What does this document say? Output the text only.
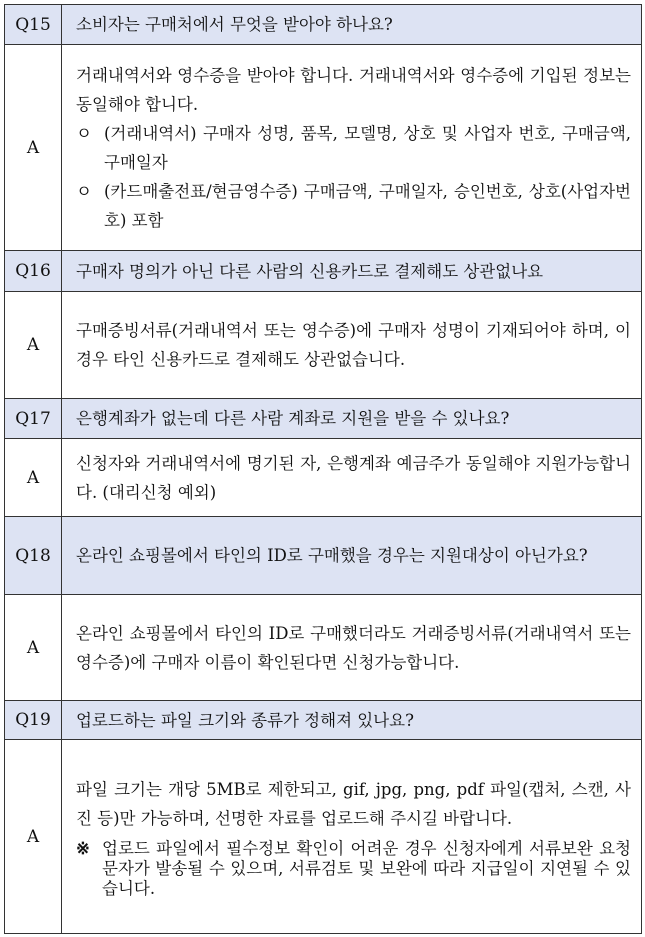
Q15	소비자는 구매처에서 무엇을 받아야 하나요?
A	거래내역서와 영수증을 받아야 합니다. 거래내역서와 영수증에 기입된 정보는 동일해야 합니다.
ㅇ (거래내역서) 구매자 성명, 품목, 모델명, 상호 및 사업자 번호, 구매금액, 구매일자
ㅇ (카드매출전표/현금영수증) 구매금액, 구매일자, 승인번호, 상호(사업자번호) 포함

Q16	구매자 명의가 아닌 다른 사람의 신용카드로 결제해도 상관없나요
A	구매증빙서류(거래내역서 또는 영수증)에 구매자 성명이 기재되어야 하며, 이 경우 타인 신용카드로 결제해도 상관없습니다.
Q17	은행계좌가 없는데 다른 사람 계좌로 지원을 받을 수 있나요?
A	신청자와 거래내역서에 명기된 자, 은행계좌 예금주가 동일해야 지원가능합니다. (대리신청 예외)
Q18	온라인 쇼핑몰에서 타인의 ID로 구매했을 경우는 지원대상이 아닌가요?
A	온라인 쇼핑몰에서 타인의 ID로 구매했더라도 거래증빙서류(거래내역서 또는 영수증)에 구매자 이름이 확인된다면 신청가능합니다.
Q19	업로드하는 파일 크기와 종류가 정해져 있나요?
A	파일 크기는 개당 5MB로 제한되고, gif, jpg, png, pdf 파일(캡처, 스캔, 사진 등)만 가능하며, 선명한 자료를 업로드해 주시길 바랍니다.
※ 업로드 파일에서 필수정보 확인이 어려운 경우 신청자에게 서류보완 요청 문자가 발송될 수 있으며, 서류검토 및 보완에 따라 지급일이 지연될 수 있습니다.
